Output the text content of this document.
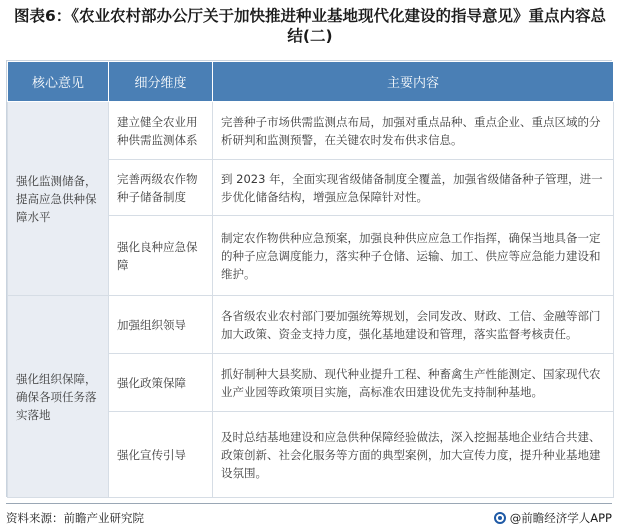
图表6：《农业农村部办公厅关于加快推进种业基地现代化建设的指导意见》重点内容总结(二)
核心意见	细分维度	主要内容
强化监测储备，提高应急供种保障水平	建立健全农业用种供需监测体系	完善种子市场供需监测点布局，加强对重点品种、重点企业、重点区域的分析研判和监测预警，在关键农时发布供求信息。
	完善两级农作物种子储备制度	到 2023 年，全面实现省级储备制度全覆盖，加强省级储备种子管理，进一步优化储备结构，增强应急保障针对性。
	强化良种应急保障	制定农作物供种应急预案，加强良种供应应急工作指挥，确保当地具备一定的种子应急调度能力，落实种子仓储、运输、加工、供应等应急能力建设和维护。
强化组织保障，确保各项任务落实落地	加强组织领导	各省级农业农村部门要加强统筹规划，会同发改、财政、工信、金融等部门加大政策、资金支持力度，强化基地建设和管理，落实监督考核责任。
	强化政策保障	抓好制种大县奖励、现代种业提升工程、种畜禽生产性能测定、国家现代农业产业园等政策项目实施，高标准农田建设优先支持制种基地。
	强化宣传引导	及时总结基地建设和应急供种保障经验做法，深入挖掘基地企业结合共建、政策创新、社会化服务等方面的典型案例，加大宣传力度，提升种业基地建设氛围。
资料来源：前瞻产业研究院	@前瞻经济学人APP
